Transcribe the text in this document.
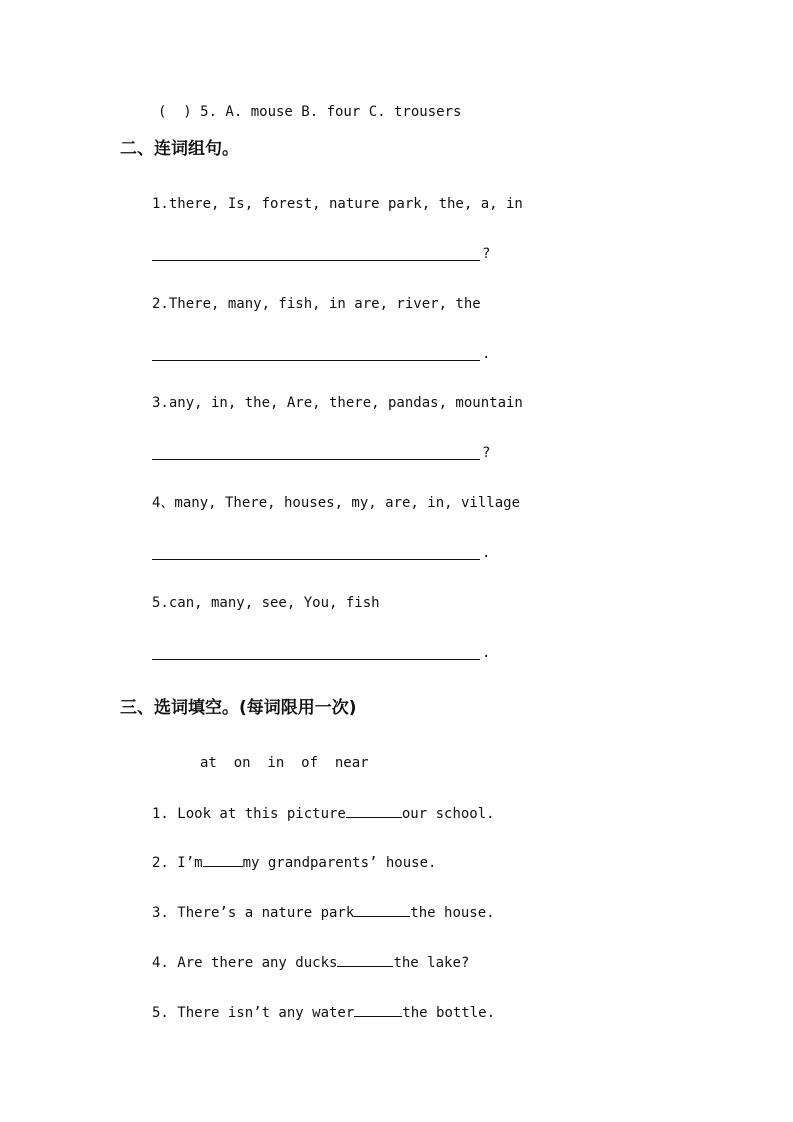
(  ) 5. A. mouse B. four C. trousers
二、连词组句。
1.there, Is, forest, nature park, the, a, in
?
2.There, many, fish, in are, river, the
.
3.any, in, the, Are, there, pandas, mountain
?
4、many, There, houses, my, are, in, village
.
5.can, many, see, You, fish
.
三、选词填空。(每词限用一次)
at  on  in  of  near
1. Look at this picture	our school.
2. I’m	my grandparents’ house.
3. There’s a nature park	the house.
4. Are there any ducks	the lake?
5. There isn’t any water	the bottle.
